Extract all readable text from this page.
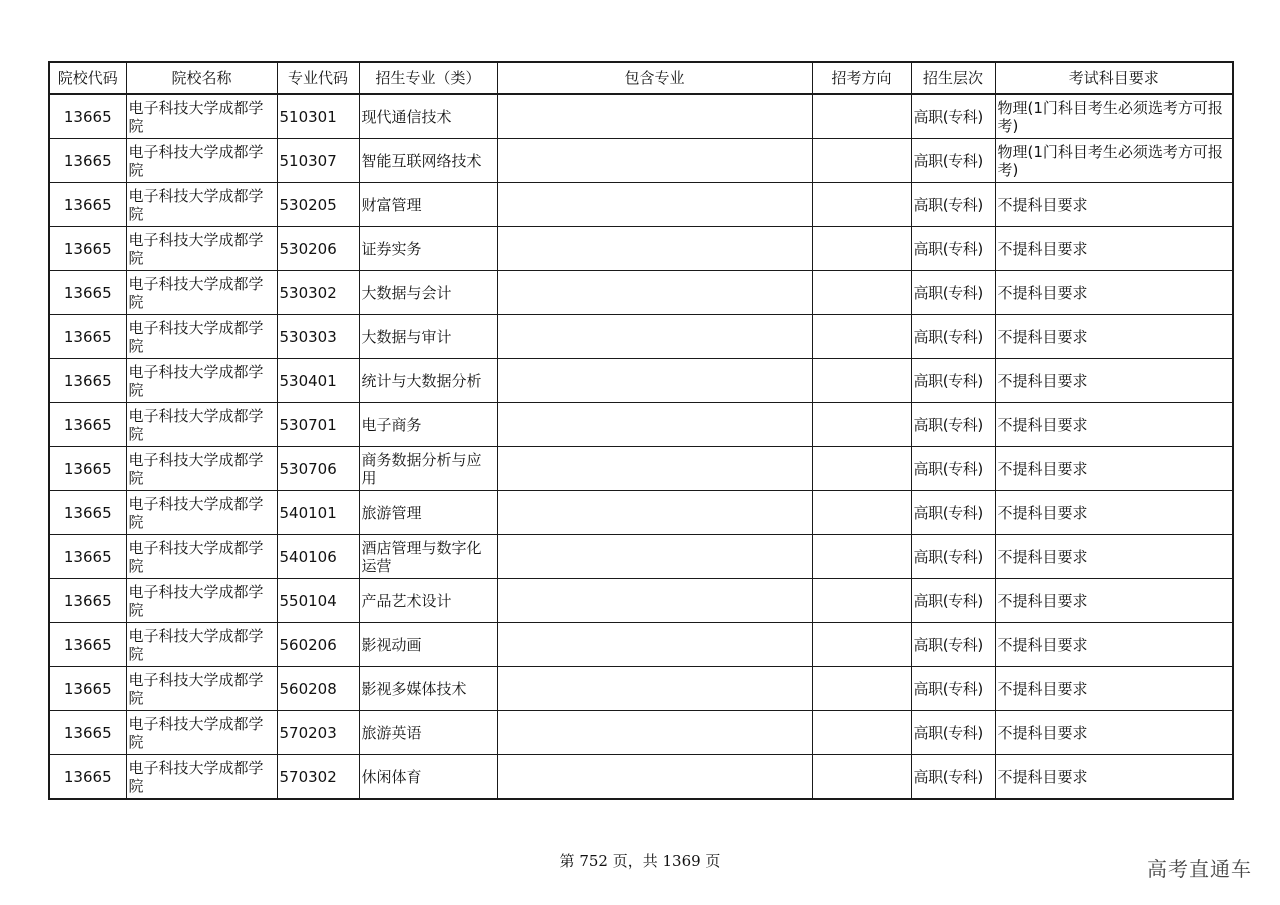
院校代码	院校名称	专业代码	招生专业（类）	包含专业	招考方向	招生层次	考试科目要求
13665	电子科技大学成都学院	510301	现代通信技术			高职(专科)	物理(1门科目考生必须选考方可报考)
13665	电子科技大学成都学院	510307	智能互联网络技术			高职(专科)	物理(1门科目考生必须选考方可报考)
13665	电子科技大学成都学院	530205	财富管理			高职(专科)	不提科目要求
13665	电子科技大学成都学院	530206	证券实务			高职(专科)	不提科目要求
13665	电子科技大学成都学院	530302	大数据与会计			高职(专科)	不提科目要求
13665	电子科技大学成都学院	530303	大数据与审计			高职(专科)	不提科目要求
13665	电子科技大学成都学院	530401	统计与大数据分析			高职(专科)	不提科目要求
13665	电子科技大学成都学院	530701	电子商务			高职(专科)	不提科目要求
13665	电子科技大学成都学院	530706	商务数据分析与应用			高职(专科)	不提科目要求
13665	电子科技大学成都学院	540101	旅游管理			高职(专科)	不提科目要求
13665	电子科技大学成都学院	540106	酒店管理与数字化运营			高职(专科)	不提科目要求
13665	电子科技大学成都学院	550104	产品艺术设计			高职(专科)	不提科目要求
13665	电子科技大学成都学院	560206	影视动画			高职(专科)	不提科目要求
13665	电子科技大学成都学院	560208	影视多媒体技术			高职(专科)	不提科目要求
13665	电子科技大学成都学院	570203	旅游英语			高职(专科)	不提科目要求
13665	电子科技大学成都学院	570302	休闲体育			高职(专科)	不提科目要求
第 752 页，共 1369 页	高考直通车
